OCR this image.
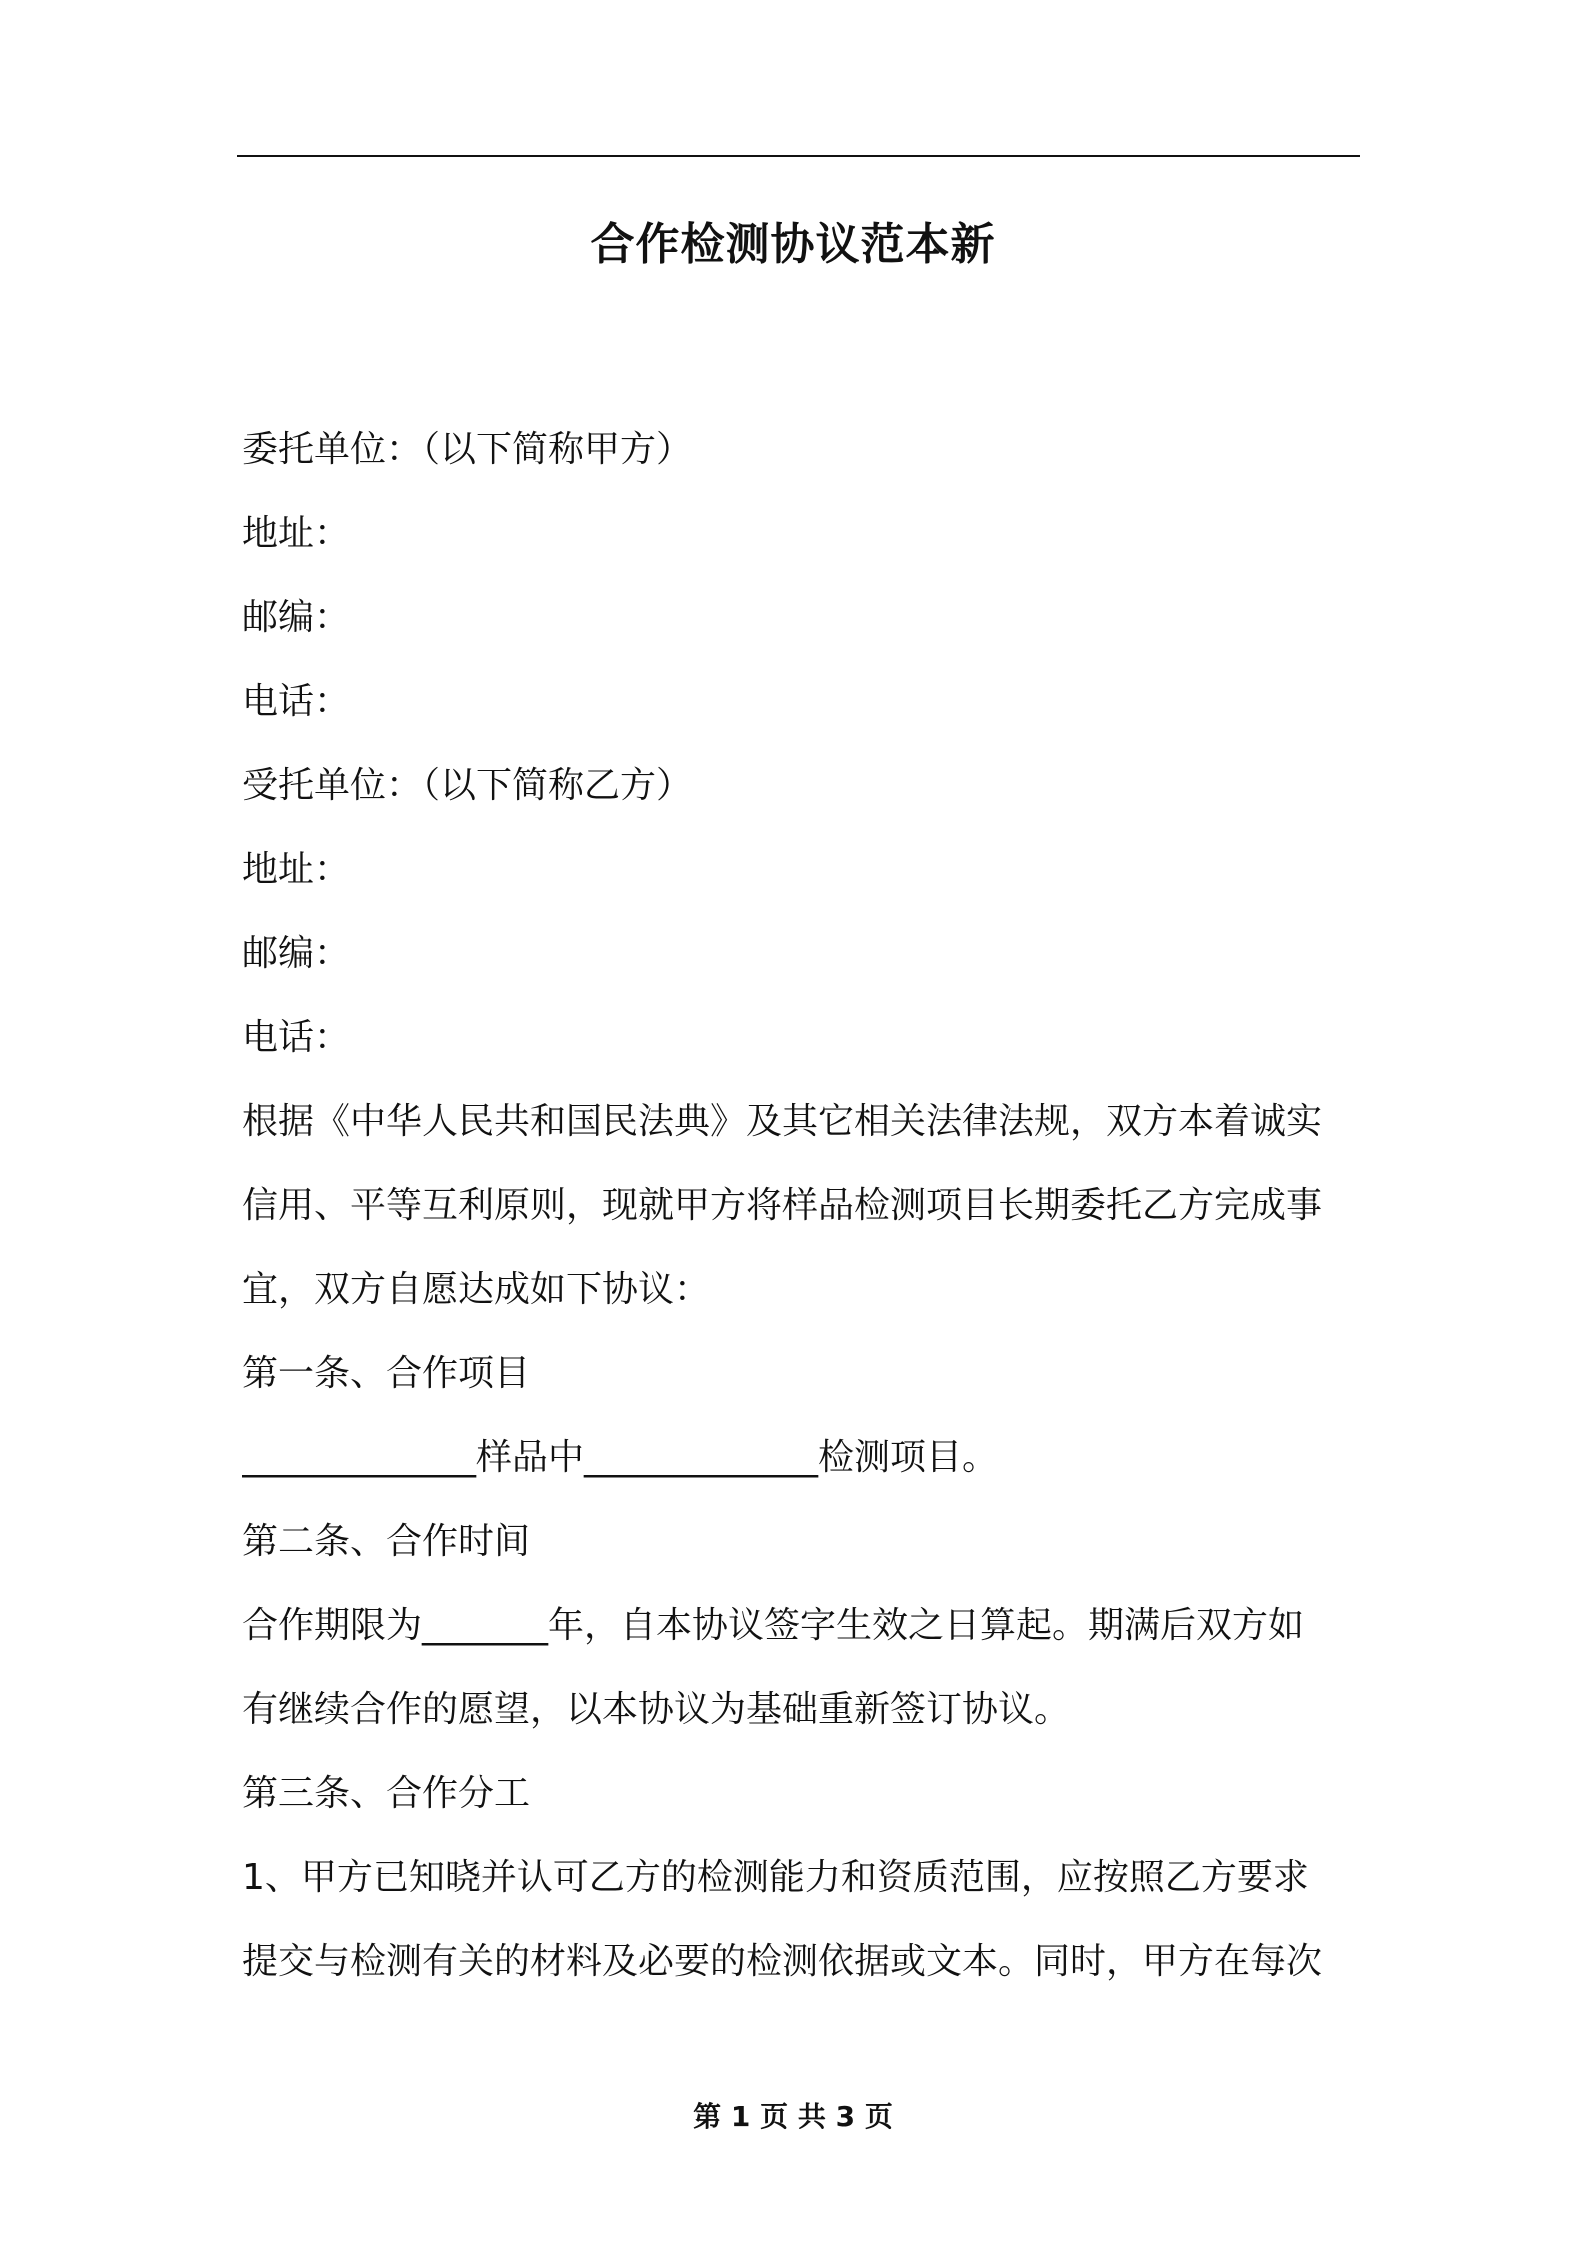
合作检测协议范本新
委托单位：（以下简称甲方）
地址：
邮编：
电话：
受托单位：（以下简称乙方）
地址：
邮编：
电话：
根据《中华人民共和国民法典》及其它相关法律法规，双方本着诚实
信用、平等互利原则，现就甲方将样品检测项目长期委托乙方完成事
宜，双方自愿达成如下协议：
第一条、合作项目
_____________样品中_____________检测项目。
第二条、合作时间
合作期限为_______年，自本协议签字生效之日算起。期满后双方如
有继续合作的愿望，以本协议为基础重新签订协议。
第三条、合作分工
1、甲方已知晓并认可乙方的检测能力和资质范围，应按照乙方要求
提交与检测有关的材料及必要的检测依据或文本。同时，甲方在每次
第 1 页 共 3 页
